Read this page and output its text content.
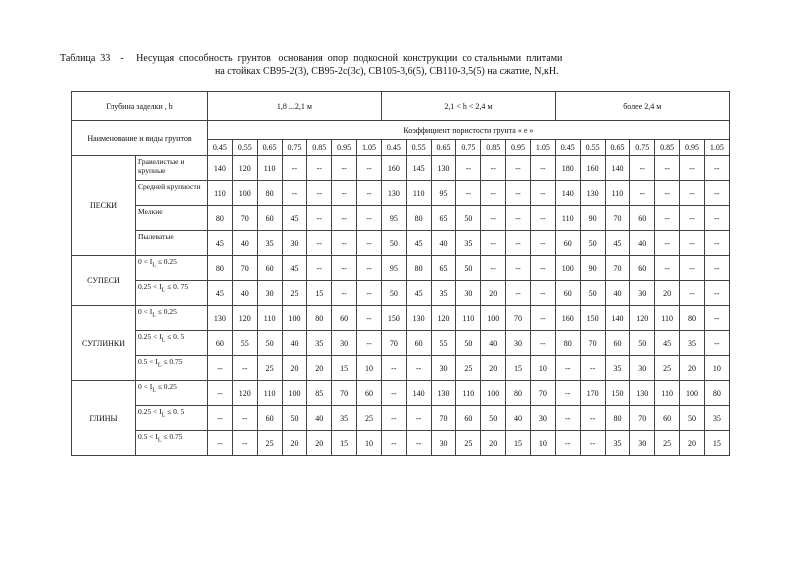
Таблица  33    -     Несущая  способность  грунтов   основания  опор  подкосной  конструкции  со стальными  плитами
на стойках СВ95-2(3), СВ95-2с(3с), СВ105-3,6(5), СВ110-3,5(5) на сжатие, N,кН.
Глубина заделки , h		1,8 ...2,1 м							2,1 < h < 2,4 м							более 2,4 м						
Наименование и виды грунтов		Коэффициент пористости грунта « e »																				
		0.45	0.55	0.65	0.75	0.85	0.95	1.05	0.45	0.55	0.65	0.75	0.85	0.95	1.05	0.45	0.55	0.65	0.75	0.85	0.95	1.05
ПЕСКИ	Гравелистые и крупные	140	120	110	--	--	--	--	160	145	130	--	--	--	--	180	160	140	--	--	--	--
	Средней крупности	110	100	80	--	--	--	--	130	110	95	--	--	--	--	140	130	110	--	--	--	--
	Мелкие	80	70	60	45	--	--	--	95	80	65	50	--	--	--	110	90	70	60	--	--	--
	Пылеватые	45	40	35	30	--	--	--	50	45	40	35	--	--	--	60	50	45	40	--	--	--
СУПЕСИ	$0 < I_L \le 0.25$	80	70	60	45	--	--	--	95	80	65	50	--	--	--	100	90	70	60	--	--	--
	$0.25 < I_L \le 0$. 75	45	40	30	25	15	--	--	50	45	35	30	20	--	--	60	50	40	30	20	--	--
СУГЛИНКИ	$0 < I_L \le 0.25$	130	120	110	100	80	60	--	150	130	120	110	100	70	--	160	150	140	120	110	80	--
	$0.25 < I_L \le 0$. 5	60	55	50	40	35	30	--	70	60	55	50	40	30	--	80	70	60	50	45	35	--
	$0.5 < I_L \le 0.75$	--	--	25	20	20	15	10	--	--	30	25	20	15	10	--	--	35	30	25	20	10
ГЛИНЫ	$0 < I_L \le 0.25$	--	120	110	100	85	70	60	--	140	130	110	100	80	70	--	170	150	130	110	100	80
	$0.25 < I_L \le 0$. 5	--	--	60	50	40	35	25	--	--	70	60	50	40	30	--	--	80	70	60	50	35
	$0.5 < I_L \le 0.75$	--	--	25	20	20	15	10	--	--	30	25	20	15	10	--	--	35	30	25	20	15
